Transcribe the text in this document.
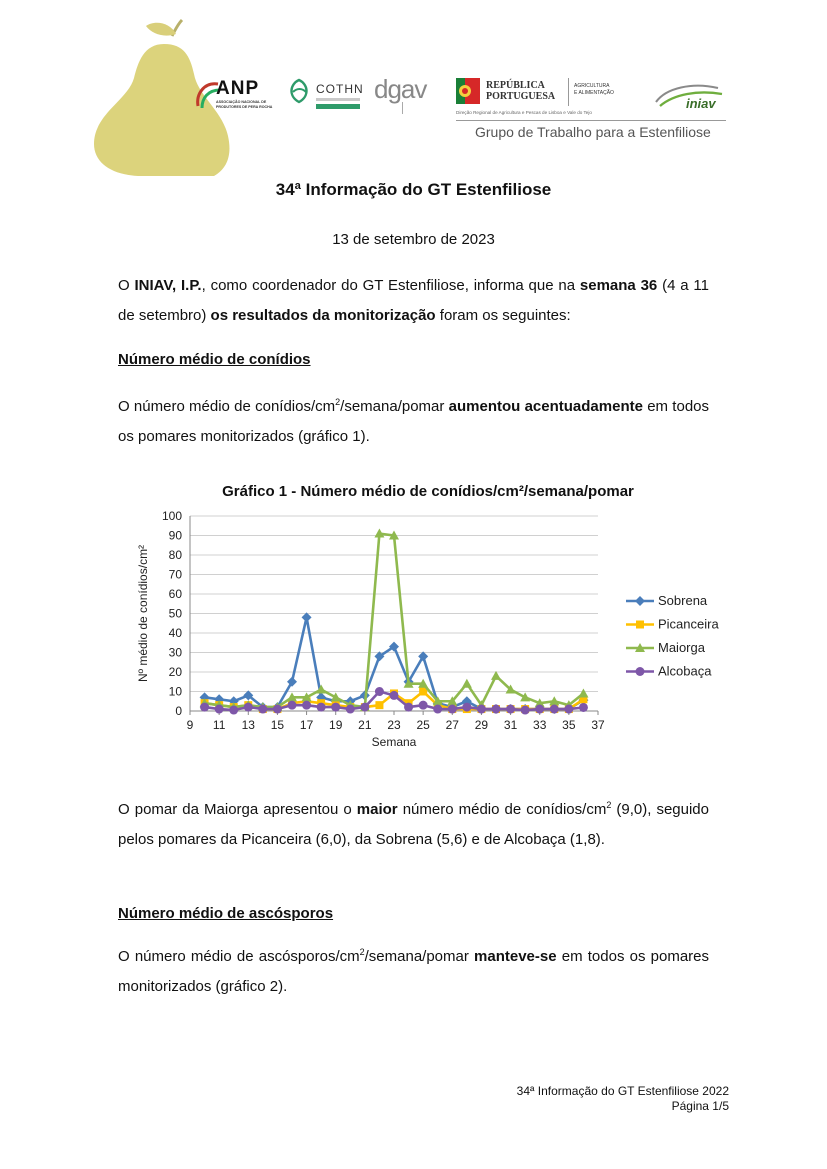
ANP
ASSOCIAÇÃO NACIONAL DE PRODUTORES DE PERA ROCHA
COTHN dgav	REPÚBLICA
PORTUGUESA
AGRICULTURA
E ALIMENTAÇÃO
Direção Regional de Agricultura e Pescas de Lisboa e Vale do Tejo
iniav
Grupo de Trabalho para a Estenfiliose
34ª Informação do GT Estenfiliose
13 de setembro de 2023
O INIAV, I.P., como coordenador do GT Estenfiliose, informa que na semana 36 (4 a 11 de setembro) os resultados da monitorização foram os seguintes:
Número médio de conídios
O número médio de conídios/$cm^2/semana$/pomar aumentou acentuadamente em todos os pomares monitorizados (gráfico 1).
Gráfico 1 - Número médio de conídios/cm²/semana/pomar
0
10
20
30
40
50
60
70
80
90
100
9 11 13 15 17 19 21 23 25 27 29 31 33 35 37
Semana
Nº médio de conídios/cm²	Sobrena
Picanceira
Maiorga
Alcobaça
O pomar da Maiorga apresentou o maior número médio de conídios/$cm^2$ (9,0), seguido pelos pomares da Picanceira (6,0), da Sobrena (5,6) e de Alcobaça (1,8).
Número médio de ascósporos
O número médio de ascósporos/$cm^2/semana$/pomar manteve-se em todos os pomares monitorizados (gráfico 2).
34ª Informação do GT Estenfiliose 2022
Página 1/5
